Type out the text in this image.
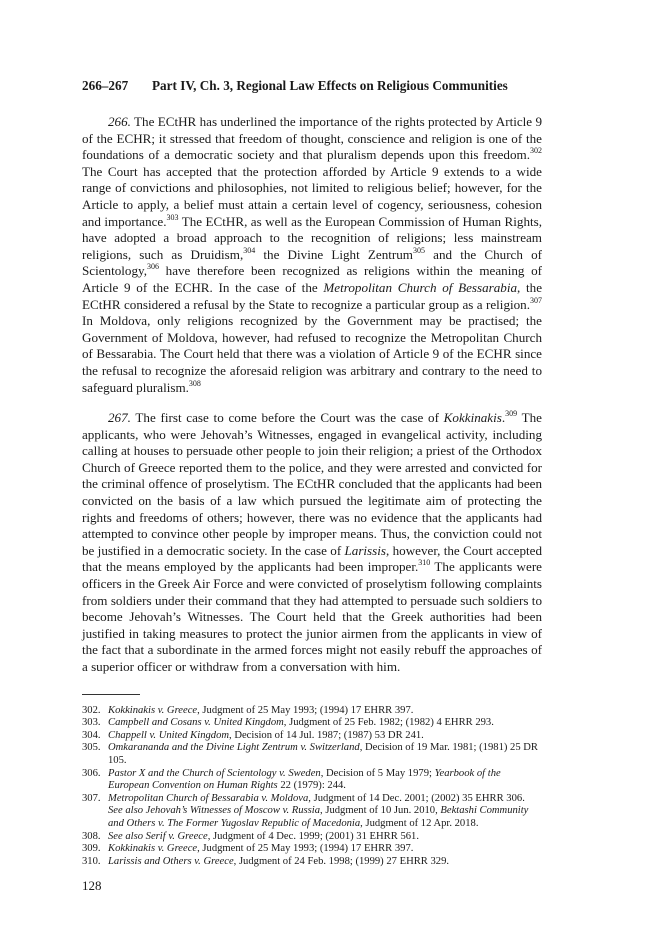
266–267	Part IV, Ch. 3, Regional Law Effects on Religious Communities

266. The ECtHR has underlined the importance of the rights protected by Article 9 of the ECHR; it stressed that freedom of thought, conscience and religion is one of the foundations of a democratic society and that pluralism depends upon this freedom.$^{302}$ The Court has accepted that the protection afforded by Article 9 extends to a wide range of convictions and philosophies, not limited to religious belief; however, for the Article to apply, a belief must attain a certain level of cogency, seriousness, cohesion and importance.$^{303}$ The ECtHR, as well as the European Commission of Human Rights, have adopted a broad approach to the recognition of religions; less mainstream religions, such as Druidism,$^{304}$ the Divine Light Zentrum$^{305}$ and the Church of Scientology,$^{306}$ have therefore been recognized as religions within the meaning of Article 9 of the ECHR. In the case of the Metropolitan Church of Bessarabia, the ECtHR considered a refusal by the State to recognize a particular group as a religion.$^{307}$ In Moldova, only religions recognized by the Government may be practised; the Government of Moldova, however, had refused to recognize the Metropolitan Church of Bessarabia. The Court held that there was a violation of Article 9 of the ECHR since the refusal to recognize the aforesaid religion was arbitrary and contrary to the need to safeguard pluralism.$^{308}$

267. The first case to come before the Court was the case of Kokkinakis.$^{309}$ The applicants, who were Jehovah’s Witnesses, engaged in evangelical activity, including calling at houses to persuade other people to join their religion; a priest of the Orthodox Church of Greece reported them to the police, and they were arrested and convicted for the criminal offence of proselytism. The ECtHR concluded that the applicants had been convicted on the basis of a law which pursued the legitimate aim of protecting the rights and freedoms of others; however, there was no evidence that the applicants had attempted to convince other people by improper means. Thus, the conviction could not be justified in a democratic society. In the case of Larissis, however, the Court accepted that the means employed by the applicants had been improper.$^{310}$ The applicants were officers in the Greek Air Force and were convicted of proselytism following complaints from soldiers under their command that they had attempted to persuade such soldiers to become Jehovah’s Witnesses. The Court held that the Greek authorities had been justified in taking measures to protect the junior airmen from the applicants in view of the fact that a subordinate in the armed forces might not easily rebuff the approaches of a superior officer or withdraw from a conversation with him.

302. Kokkinakis v. Greece, Judgment of 25 May 1993; (1994) 17 EHRR 397.
303. Campbell and Cosans v. United Kingdom, Judgment of 25 Feb. 1982; (1982) 4 EHRR 293.
304. Chappell v. United Kingdom, Decision of 14 Jul. 1987; (1987) 53 DR 241.
305. Omkarananda and the Divine Light Zentrum v. Switzerland, Decision of 19 Mar. 1981; (1981) 25 DR 105.
306. Pastor X and the Church of Scientology v. Sweden, Decision of 5 May 1979; Yearbook of the European Convention on Human Rights 22 (1979): 244.
307. Metropolitan Church of Bessarabia v. Moldova, Judgment of 14 Dec. 2001; (2002) 35 EHRR 306. See also Jehovah’s Witnesses of Moscow v. Russia, Judgment of 10 Jun. 2010, Bektashi Community and Others v. The Former Yugoslav Republic of Macedonia, Judgment of 12 Apr. 2018.
308. See also Serif v. Greece, Judgment of 4 Dec. 1999; (2001) 31 EHRR 561.
309. Kokkinakis v. Greece, Judgment of 25 May 1993; (1994) 17 EHRR 397.
310. Larissis and Others v. Greece, Judgment of 24 Feb. 1998; (1999) 27 EHRR 329.
128
